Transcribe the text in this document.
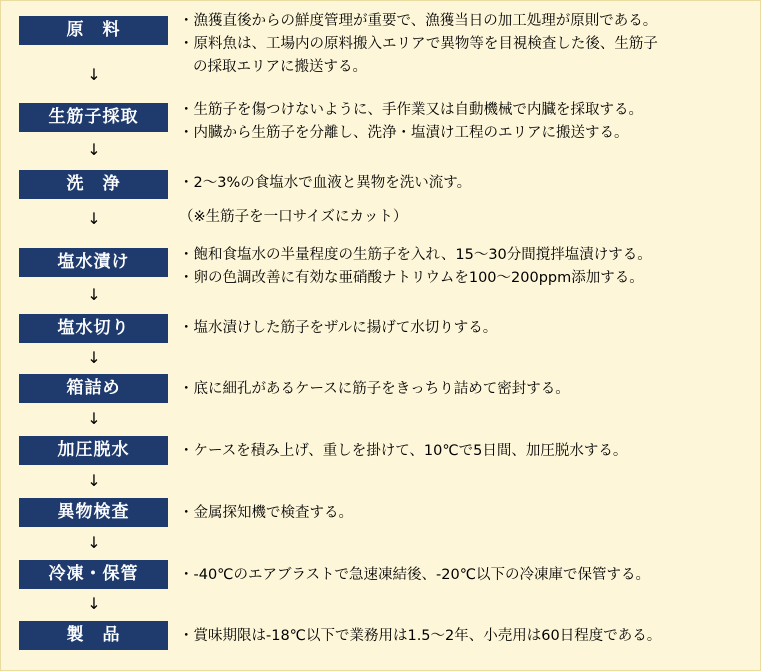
原　料	・漁獲直後からの鮮度管理が重要で、漁獲当日の加工処理が原則である。
・原料魚は、工場内の原料搬入エリアで異物等を目視検査した後、生筋子
の採取エリアに搬送する。
↓
生筋子採取	・生筋子を傷つけないように、手作業又は自動機械で内臓を採取する。
・内臓から生筋子を分離し、洗浄・塩漬け工程のエリアに搬送する。
↓
洗　浄	・2～3%の食塩水で血液と異物を洗い流す。
↓	（※生筋子を一口サイズにカット）
塩水漬け	・飽和食塩水の半量程度の生筋子を入れ、15～30分間撹拌塩漬けする。
・卵の色調改善に有効な亜硝酸ナトリウムを100～200ppm添加する。
↓
塩水切り	・塩水漬けした筋子をザルに揚げて水切りする。
↓
箱詰め	・底に細孔があるケースに筋子をきっちり詰めて密封する。
↓
加圧脱水	・ケースを積み上げ、重しを掛けて、10℃で5日間、加圧脱水する。
↓
異物検査	・金属探知機で検査する。
↓
冷凍・保管	・-40℃のエアブラストで急速凍結後、-20℃以下の冷凍庫で保管する。
↓
製　品	・賞味期限は-18℃以下で業務用は1.5～2年、小売用は60日程度である。
